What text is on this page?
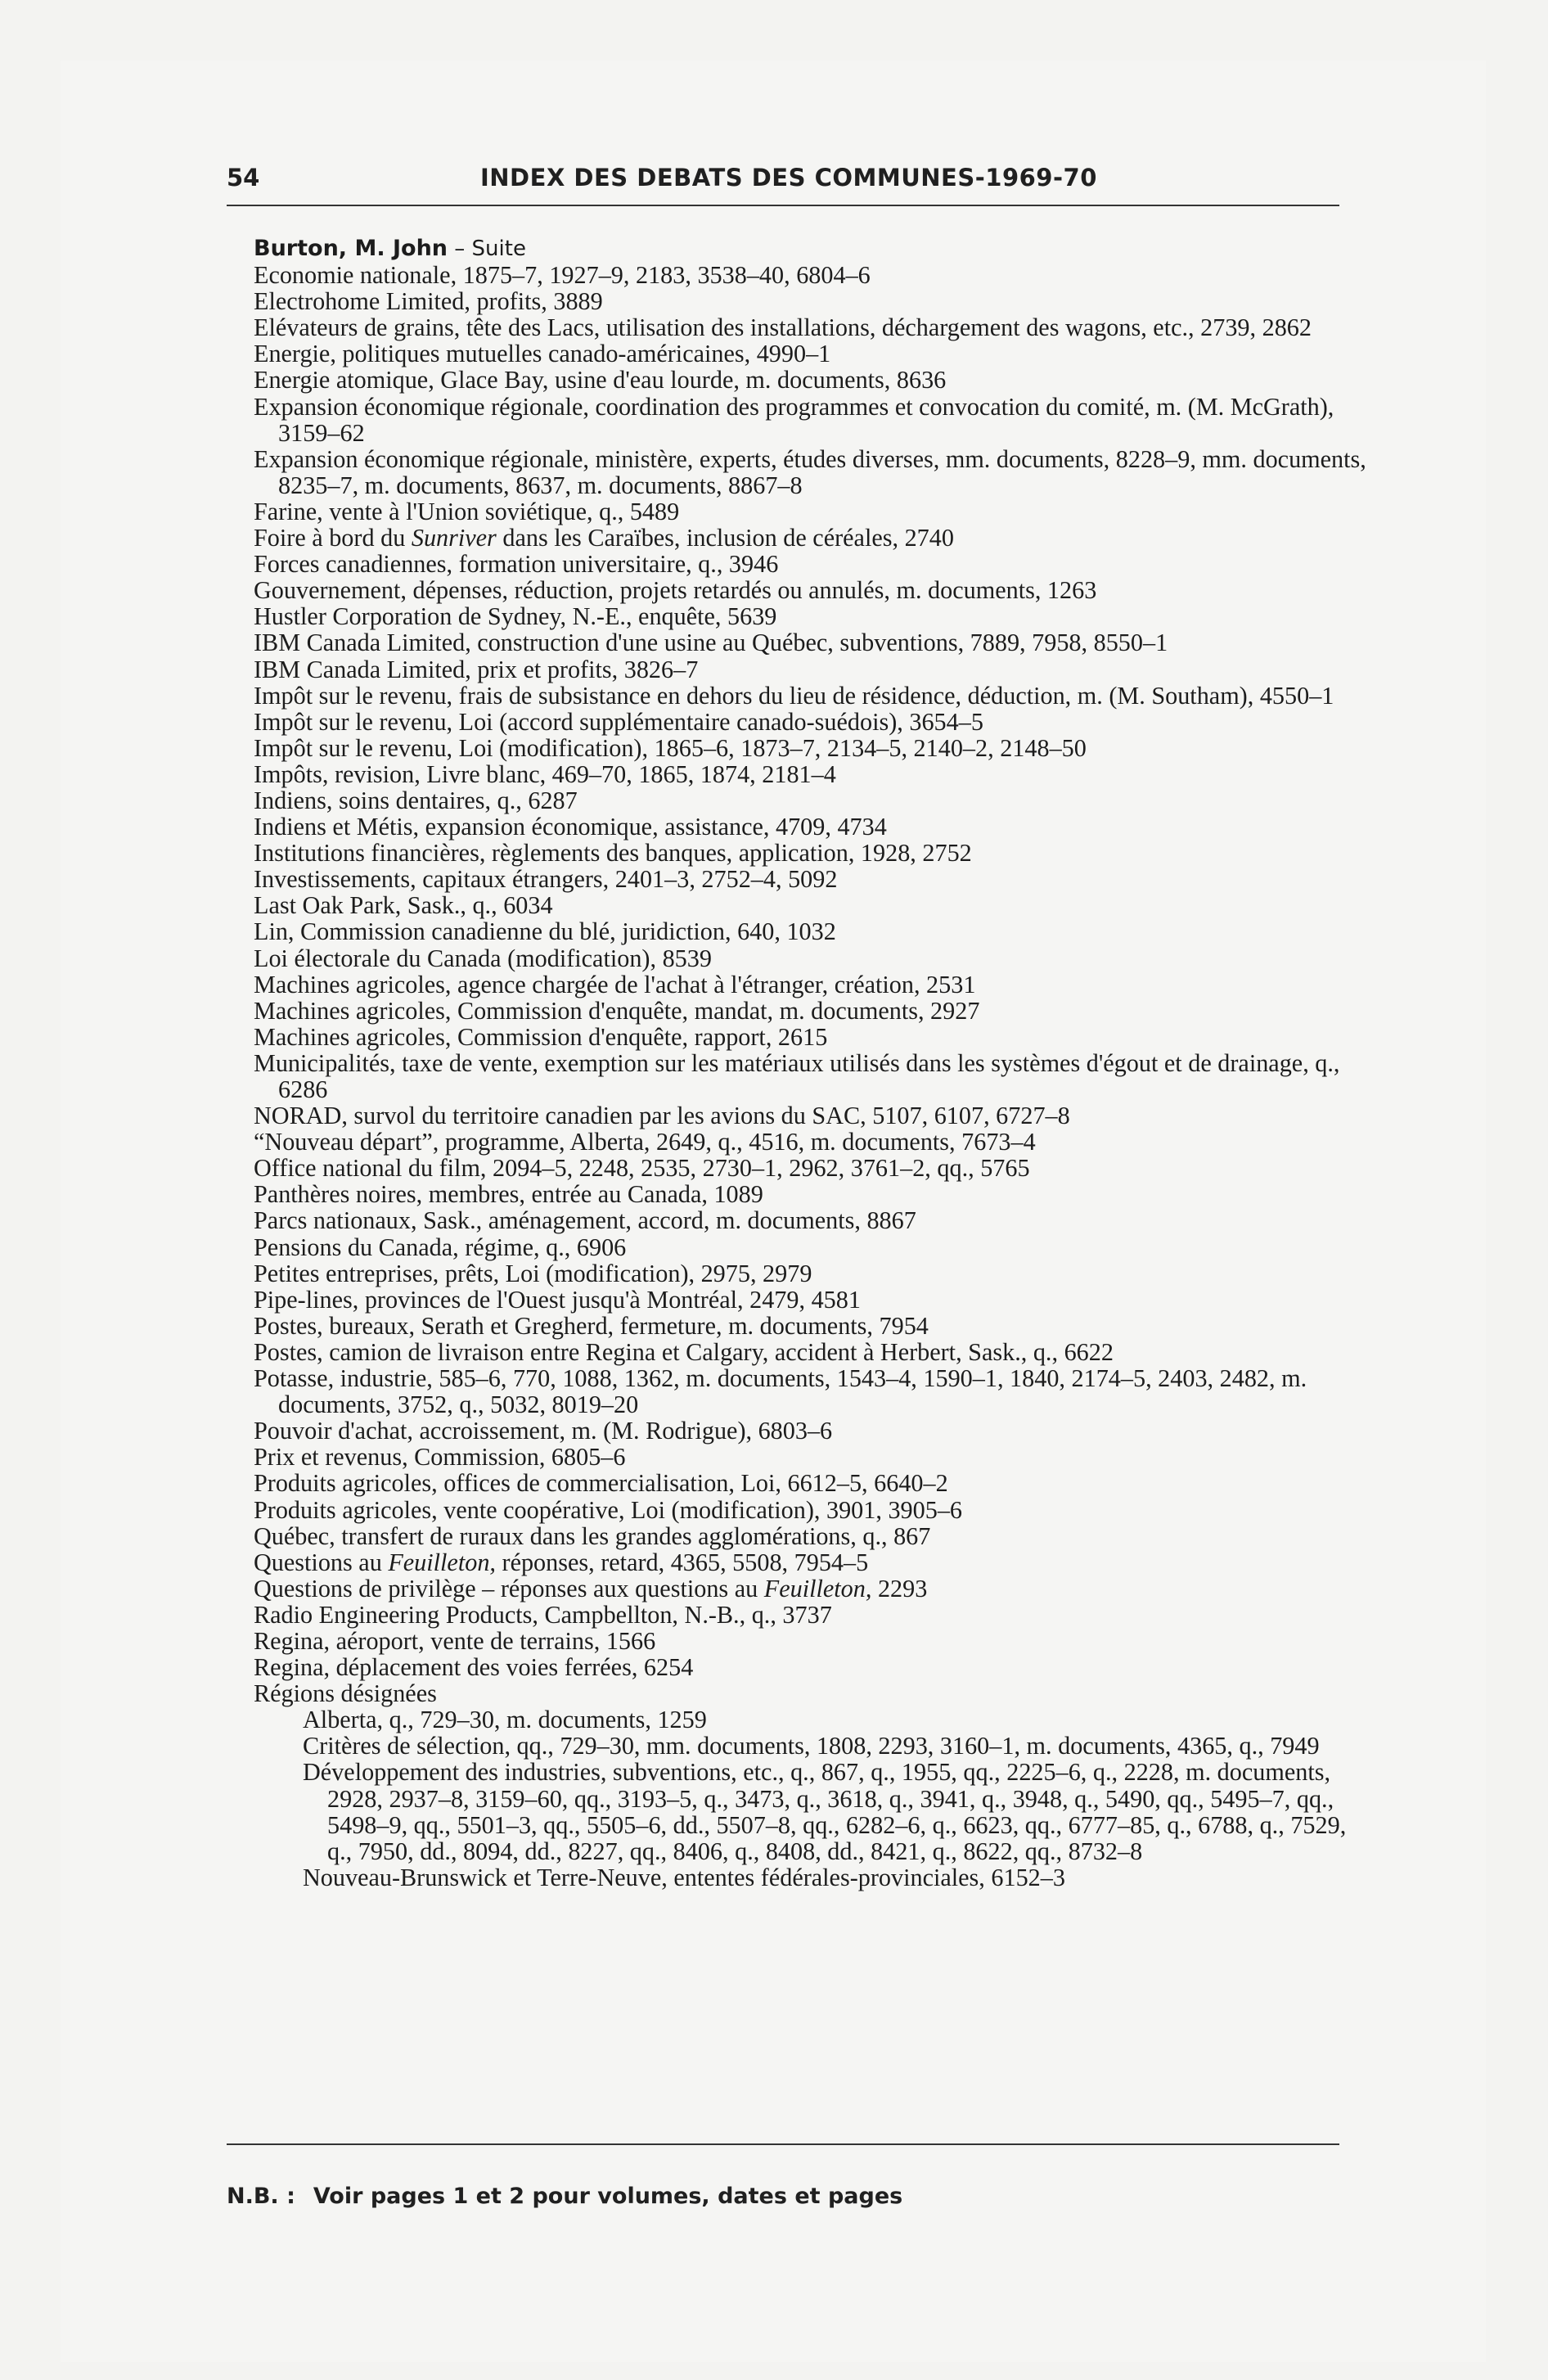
54	INDEX DES DEBATS DES COMMUNES-1969-70
Burton, M. John – Suite
Economie nationale, 1875–7, 1927–9, 2183, 3538–40, 6804–6
Electrohome Limited, profits, 3889
Elévateurs de grains, tête des Lacs, utilisation des installations, déchargement des wagons, etc., 2739, 2862
Energie, politiques mutuelles canado-américaines, 4990–1
Energie atomique, Glace Bay, usine d'eau lourde, m. documents, 8636
Expansion économique régionale, coordination des programmes et convocation du comité, m. (M. McGrath), 3159–62
Expansion économique régionale, ministère, experts, études diverses, mm. documents, 8228–9, mm. documents, 8235–7, m. documents, 8637, m. documents, 8867–8
Farine, vente à l'Union soviétique, q., 5489
Foire à bord du Sunriver dans les Caraïbes, inclusion de céréales, 2740
Forces canadiennes, formation universitaire, q., 3946
Gouvernement, dépenses, réduction, projets retardés ou annulés, m. documents, 1263
Hustler Corporation de Sydney, N.-E., enquête, 5639
IBM Canada Limited, construction d'une usine au Québec, subventions, 7889, 7958, 8550–1
IBM Canada Limited, prix et profits, 3826–7
Impôt sur le revenu, frais de subsistance en dehors du lieu de résidence, déduction, m. (M. Southam), 4550–1
Impôt sur le revenu, Loi (accord supplémentaire canado-suédois), 3654–5
Impôt sur le revenu, Loi (modification), 1865–6, 1873–7, 2134–5, 2140–2, 2148–50
Impôts, revision, Livre blanc, 469–70, 1865, 1874, 2181–4
Indiens, soins dentaires, q., 6287
Indiens et Métis, expansion économique, assistance, 4709, 4734
Institutions financières, règlements des banques, application, 1928, 2752
Investissements, capitaux étrangers, 2401–3, 2752–4, 5092
Last Oak Park, Sask., q., 6034
Lin, Commission canadienne du blé, juridiction, 640, 1032
Loi électorale du Canada (modification), 8539
Machines agricoles, agence chargée de l'achat à l'étranger, création, 2531
Machines agricoles, Commission d'enquête, mandat, m. documents, 2927
Machines agricoles, Commission d'enquête, rapport, 2615
Municipalités, taxe de vente, exemption sur les matériaux utilisés dans les systèmes d'égout et de drainage, q., 6286
NORAD, survol du territoire canadien par les avions du SAC, 5107, 6107, 6727–8
“Nouveau départ”, programme, Alberta, 2649, q., 4516, m. documents, 7673–4
Office national du film, 2094–5, 2248, 2535, 2730–1, 2962, 3761–2, qq., 5765
Panthères noires, membres, entrée au Canada, 1089
Parcs nationaux, Sask., aménagement, accord, m. documents, 8867
Pensions du Canada, régime, q., 6906
Petites entreprises, prêts, Loi (modification), 2975, 2979
Pipe-lines, provinces de l'Ouest jusqu'à Montréal, 2479, 4581
Postes, bureaux, Serath et Gregherd, fermeture, m. documents, 7954
Postes, camion de livraison entre Regina et Calgary, accident à Herbert, Sask., q., 6622
Potasse, industrie, 585–6, 770, 1088, 1362, m. documents, 1543–4, 1590–1, 1840, 2174–5, 2403, 2482, m. documents, 3752, q., 5032, 8019–20
Pouvoir d'achat, accroissement, m. (M. Rodrigue), 6803–6
Prix et revenus, Commission, 6805–6
Produits agricoles, offices de commercialisation, Loi, 6612–5, 6640–2
Produits agricoles, vente coopérative, Loi (modification), 3901, 3905–6
Québec, transfert de ruraux dans les grandes agglomérations, q., 867
Questions au Feuilleton, réponses, retard, 4365, 5508, 7954–5
Questions de privilège – réponses aux questions au Feuilleton, 2293
Radio Engineering Products, Campbellton, N.-B., q., 3737
Regina, aéroport, vente de terrains, 1566
Regina, déplacement des voies ferrées, 6254
Régions désignées
Alberta, q., 729–30, m. documents, 1259
Critères de sélection, qq., 729–30, mm. documents, 1808, 2293, 3160–1, m. documents, 4365, q., 7949
Développement des industries, subventions, etc., q., 867, q., 1955, qq., 2225–6, q., 2228, m. documents, 2928, 2937–8, 3159–60, qq., 3193–5, q., 3473, q., 3618, q., 3941, q., 3948, q., 5490, qq., 5495–7, qq., 5498–9, qq., 5501–3, qq., 5505–6, dd., 5507–8, qq., 6282–6, q., 6623, qq., 6777–85, q., 6788, q., 7529, q., 7950, dd., 8094, dd., 8227, qq., 8406, q., 8408, dd., 8421, q., 8622, qq., 8732–8
Nouveau-Brunswick et Terre-Neuve, ententes fédérales-provinciales, 6152–3
N.B. : Voir pages 1 et 2 pour volumes, dates et pages
